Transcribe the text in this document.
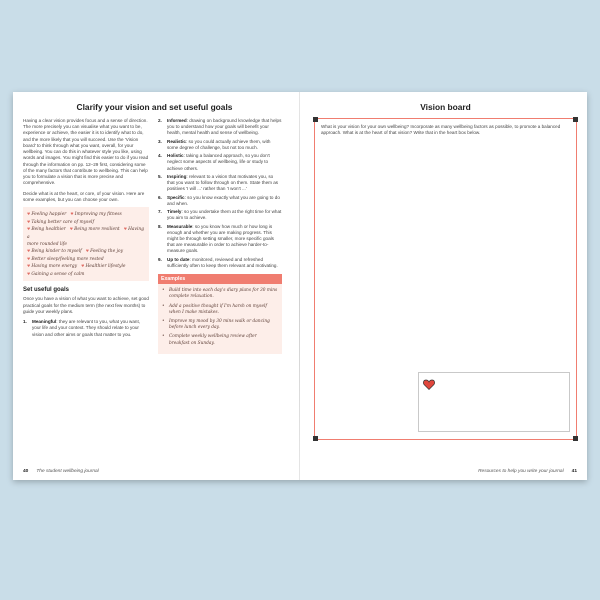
Clarify your vision and set useful goals

Having a clear vision provides focus and a sense of direction. The more precisely you can visualise what you want to be, experience or achieve, the easier it is to identify what to do, and the more likely that you will succeed. Use the 'Vision board' to think through what you want, overall, for your wellbeing. You can do this in whatever style you like, using words and images. You might find this easier to do if you read through the information on pp. 12–29 first, considering some of the many factors that contribute to wellbeing. This can help you to formulate a vision that is more precise and comprehensive.

Decide what is at the heart, or core, of your vision. Here are some examples, but you can choose your own.

♥ Feeling happier ♥ Improving my fitness
♥ Taking better care of myself
♥ Being healthier ♥ Being more resilient ♥ Having a
more rounded life
♥ Being kinder to myself ♥ Feeling the joy
♥ Better sleep/feeling more rested
♥ Having more energy ♥ Healthier lifestyle
♥ Gaining a sense of calm
Set useful goals

Once you have a vision of what you want to achieve, set good practical goals for the medium term (the next few months) to guide your weekly plans.

1.	Meaningful: they are relevant to you, what you want, your life and your context. They should relate to your vision and other aims or goals that matter to you.
2.	Informed: drawing on background knowledge that helps you to understand how your goals will benefit your health, mental health and sense of wellbeing.
3.	Realistic: so you could actually achieve them, with some degree of challenge, but not too much.
4.	Holistic: taking a balanced approach, so you don't neglect some aspects of wellbeing, life or study to achieve others.
5.	Inspiring: relevant to a vision that motivates you, so that you want to follow through on them. State them as positives 'I will ...' rather than 'I won't ...'
6.	Specific: so you know exactly what you are going to do and when.
7.	Timely: so you undertake them at the right time for what you aim to achieve.
8.	Measurable: so you know how much or how long is enough and whether you are making progress. This might be through setting smaller, more specific goals that are measurable in order to achieve harder-to-measure goals.
9.	Up to date: monitored, reviewed and refreshed sufficiently often to keep them relevant and motivating.
Examples
•	Build time into each day's diary plans for 30 mins complete relaxation.
•	Add a positive thought if I'm harsh on myself when I make mistakes.
•	Improve my mood by 30 mins walk or dancing before lunch every day.
•	Complete weekly wellbeing review after breakfast on Sunday.
40 The student wellbeing journal
Vision board

What is your vision for your own wellbeing? Incorporate as many wellbeing factors as possible, to promote a balanced approach. What is at the heart of that vision? Write that in the heart box below.

Resources to help you write your journal 41
